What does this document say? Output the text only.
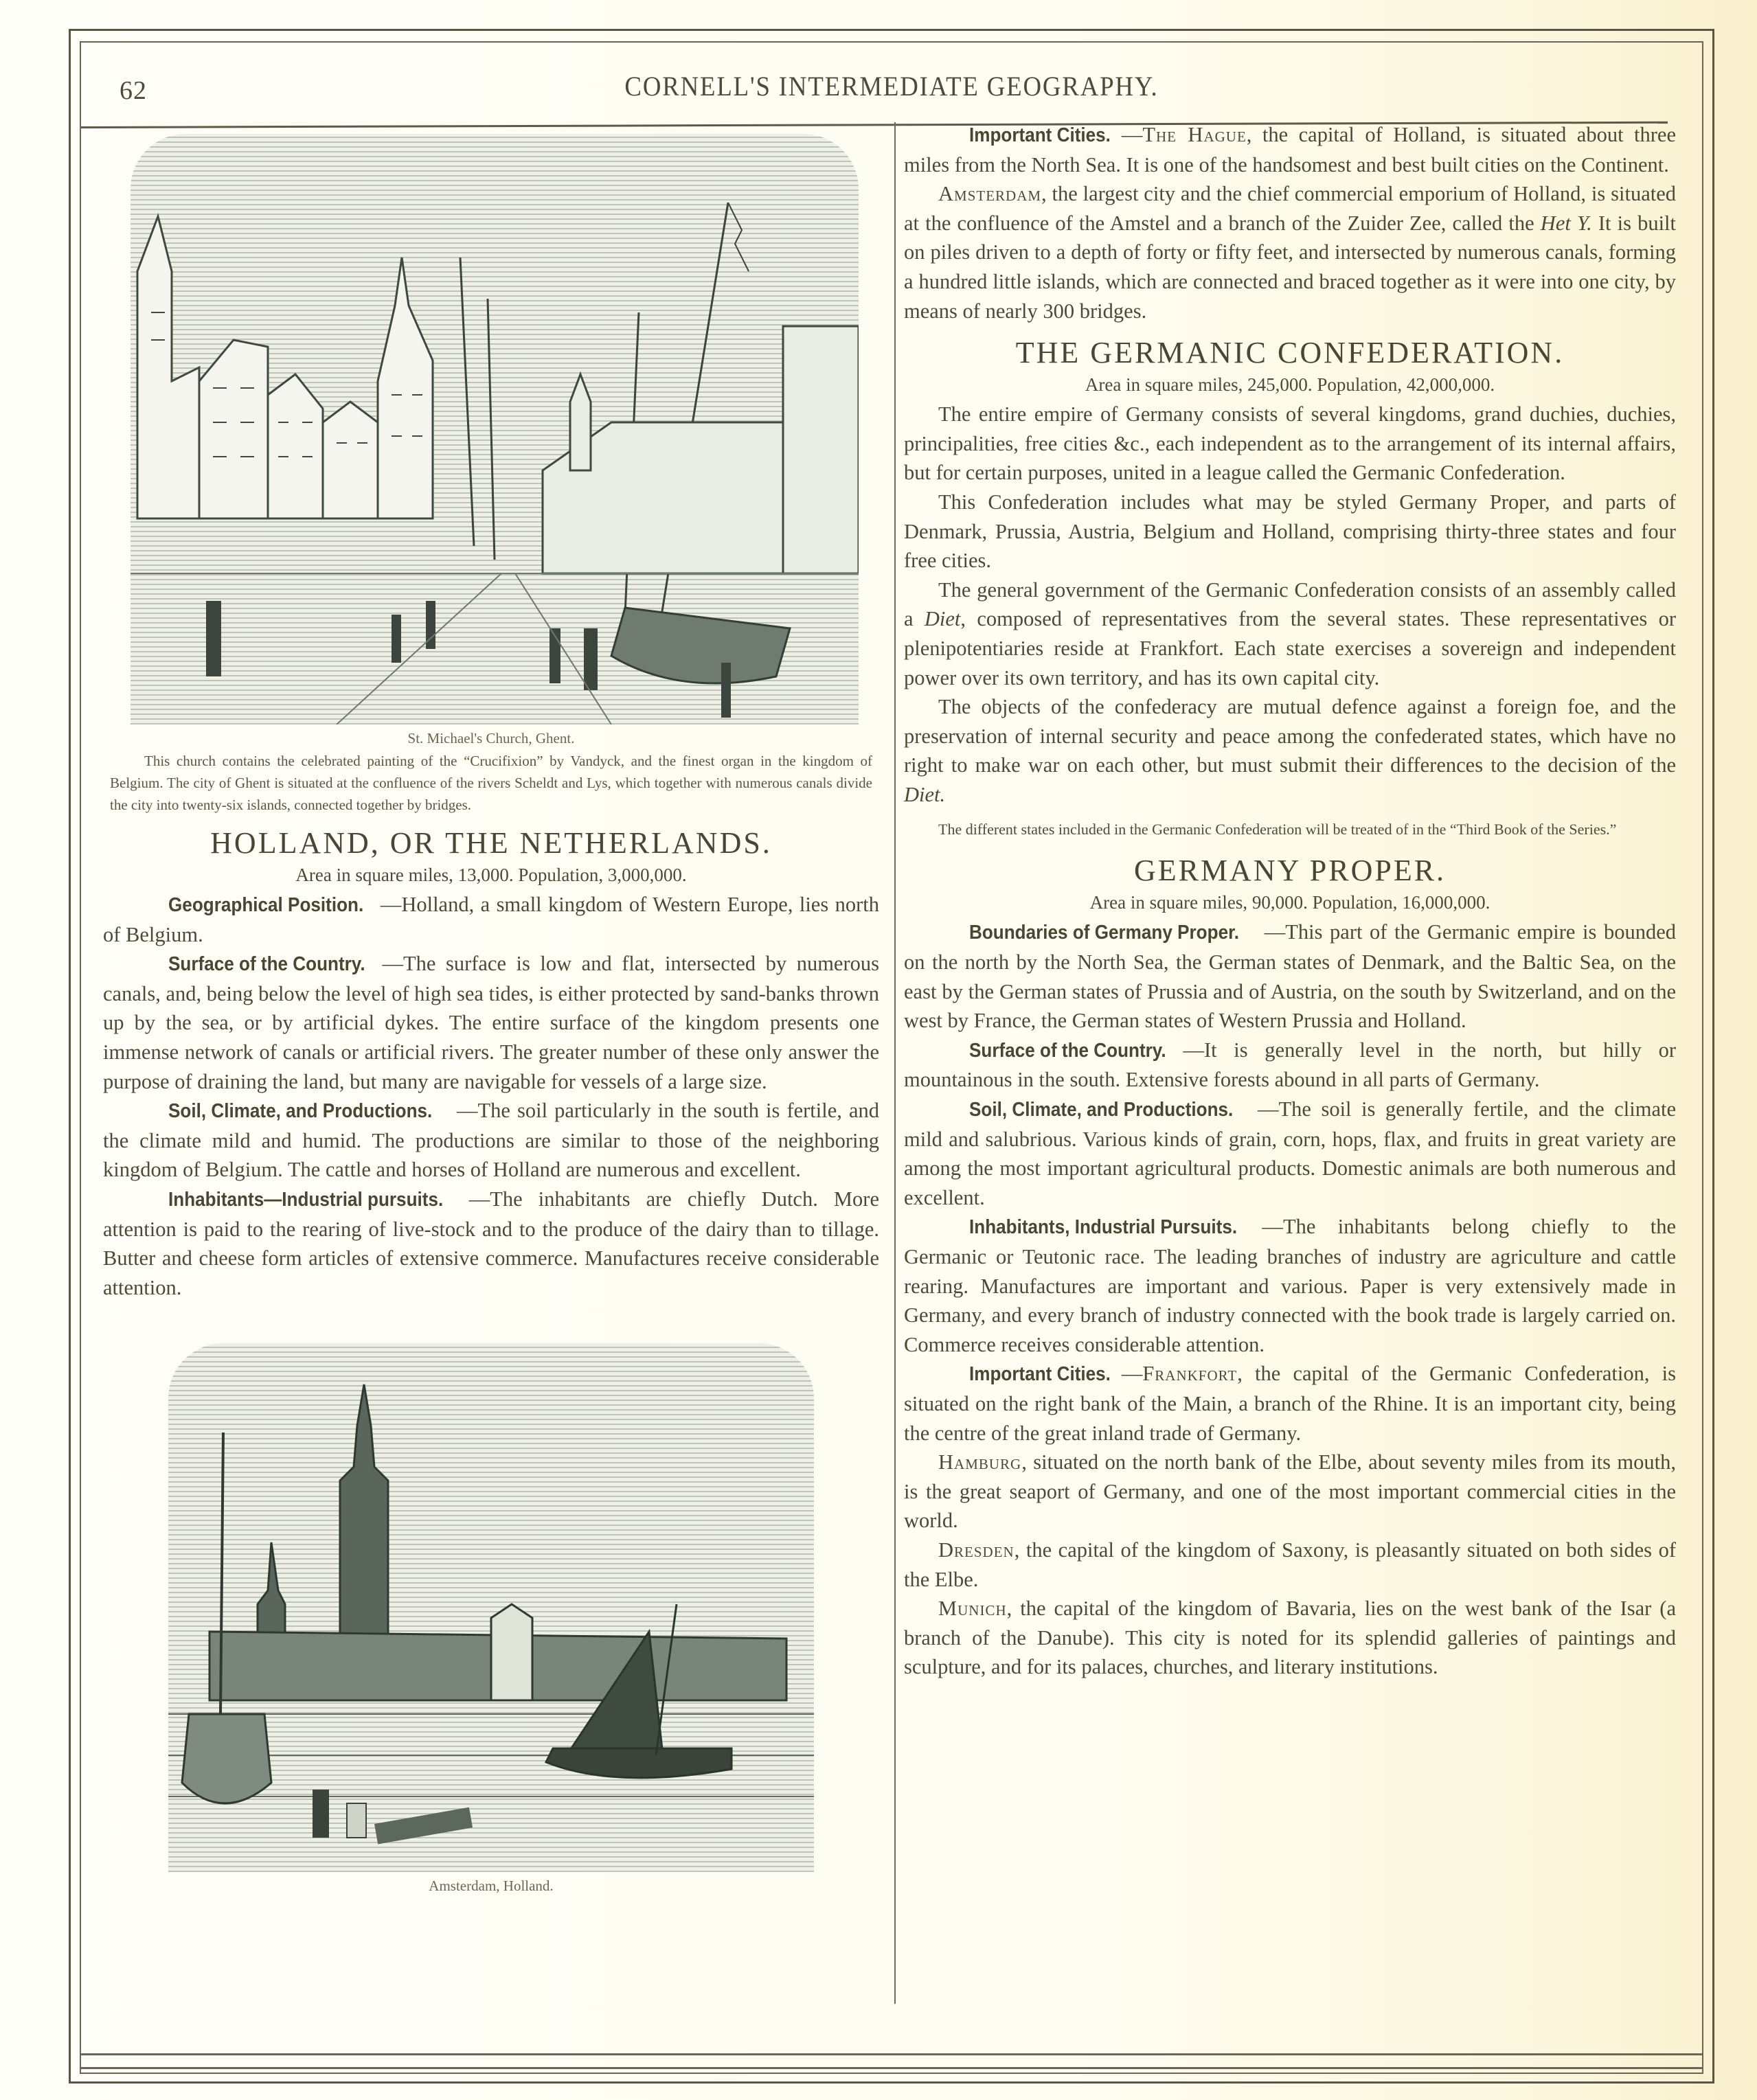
62	CORNELL'S INTERMEDIATE GEOGRAPHY.
St. Michael's Church, Ghent.

This church contains the celebrated painting of the “Crucifixion” by Vandyck, and the finest organ in the kingdom of Belgium. The city of Ghent is situated at the confluence of the rivers Scheldt and Lys, which together with numerous canals divide the city into twenty-six islands, connected together by bridges.

HOLLAND, OR THE NETHERLANDS.
Area in square miles, 13,000. Population, 3,000,000.

Geographical Position. —Holland, a small kingdom of Western Europe, lies north of Belgium.

Surface of the Country. —The surface is low and flat, intersected by numerous canals, and, being below the level of high sea tides, is either protected by sand-banks thrown up by the sea, or by artificial dykes. The entire surface of the kingdom presents one immense network of canals or artificial rivers. The greater number of these only answer the purpose of draining the land, but many are navigable for vessels of a large size.

Soil, Climate, and Productions. —The soil particularly in the south is fertile, and the climate mild and humid. The productions are similar to those of the neighboring kingdom of Belgium. The cattle and horses of Holland are numerous and excellent.

Inhabitants—Industrial pursuits. —The inhabitants are chiefly Dutch. More attention is paid to the rearing of live-stock and to the produce of the dairy than to tillage. Butter and cheese form articles of extensive commerce. Manufactures receive considerable attention.

Amsterdam, Holland.

Important Cities. —The Hague, the capital of Holland, is situated about three miles from the North Sea. It is one of the handsomest and best built cities on the Continent.

Amsterdam, the largest city and the chief commercial emporium of Holland, is situated at the confluence of the Amstel and a branch of the Zuider Zee, called the Het Y. It is built on piles driven to a depth of forty or fifty feet, and intersected by numerous canals, forming a hundred little islands, which are connected and braced together as it were into one city, by means of nearly 300 bridges.

THE GERMANIC CONFEDERATION.
Area in square miles, 245,000. Population, 42,000,000.

The entire empire of Germany consists of several kingdoms, grand duchies, duchies, principalities, free cities &c., each independent as to the arrangement of its internal affairs, but for certain purposes, united in a league called the Germanic Confederation.

This Confederation includes what may be styled Germany Proper, and parts of Denmark, Prussia, Austria, Belgium and Holland, comprising thirty-three states and four free cities.

The general government of the Germanic Confederation consists of an assembly called a Diet, composed of representatives from the several states. These representatives or plenipotentiaries reside at Frankfort. Each state exercises a sovereign and independent power over its own territory, and has its own capital city.

The objects of the confederacy are mutual defence against a foreign foe, and the preservation of internal security and peace among the confederated states, which have no right to make war on each other, but must submit their differences to the decision of the Diet.

The different states included in the Germanic Confederation will be treated of in the “Third Book of the Series.”

GERMANY PROPER.
Area in square miles, 90,000. Population, 16,000,000.

Boundaries of Germany Proper. —This part of the Germanic empire is bounded on the north by the North Sea, the German states of Denmark, and the Baltic Sea, on the east by the German states of Prussia and of Austria, on the south by Switzerland, and on the west by France, the German states of Western Prussia and Holland.

Surface of the Country. —It is generally level in the north, but hilly or mountainous in the south. Extensive forests abound in all parts of Germany.

Soil, Climate, and Productions. —The soil is generally fertile, and the climate mild and salubrious. Various kinds of grain, corn, hops, flax, and fruits in great variety are among the most important agricultural products. Domestic animals are both numerous and excellent.

Inhabitants, Industrial Pursuits. —The inhabitants belong chiefly to the Germanic or Teutonic race. The leading branches of industry are agriculture and cattle rearing. Manufactures are important and various. Paper is very extensively made in Germany, and every branch of industry connected with the book trade is largely carried on. Commerce receives considerable attention.

Important Cities. —Frankfort, the capital of the Germanic Confederation, is situated on the right bank of the Main, a branch of the Rhine. It is an important city, being the centre of the great inland trade of Germany.

Hamburg, situated on the north bank of the Elbe, about seventy miles from its mouth, is the great seaport of Germany, and one of the most important commercial cities in the world.

Dresden, the capital of the kingdom of Saxony, is pleasantly situated on both sides of the Elbe.

Munich, the capital of the kingdom of Bavaria, lies on the west bank of the Isar (a branch of the Danube). This city is noted for its splendid galleries of paintings and sculpture, and for its palaces, churches, and literary institutions.
